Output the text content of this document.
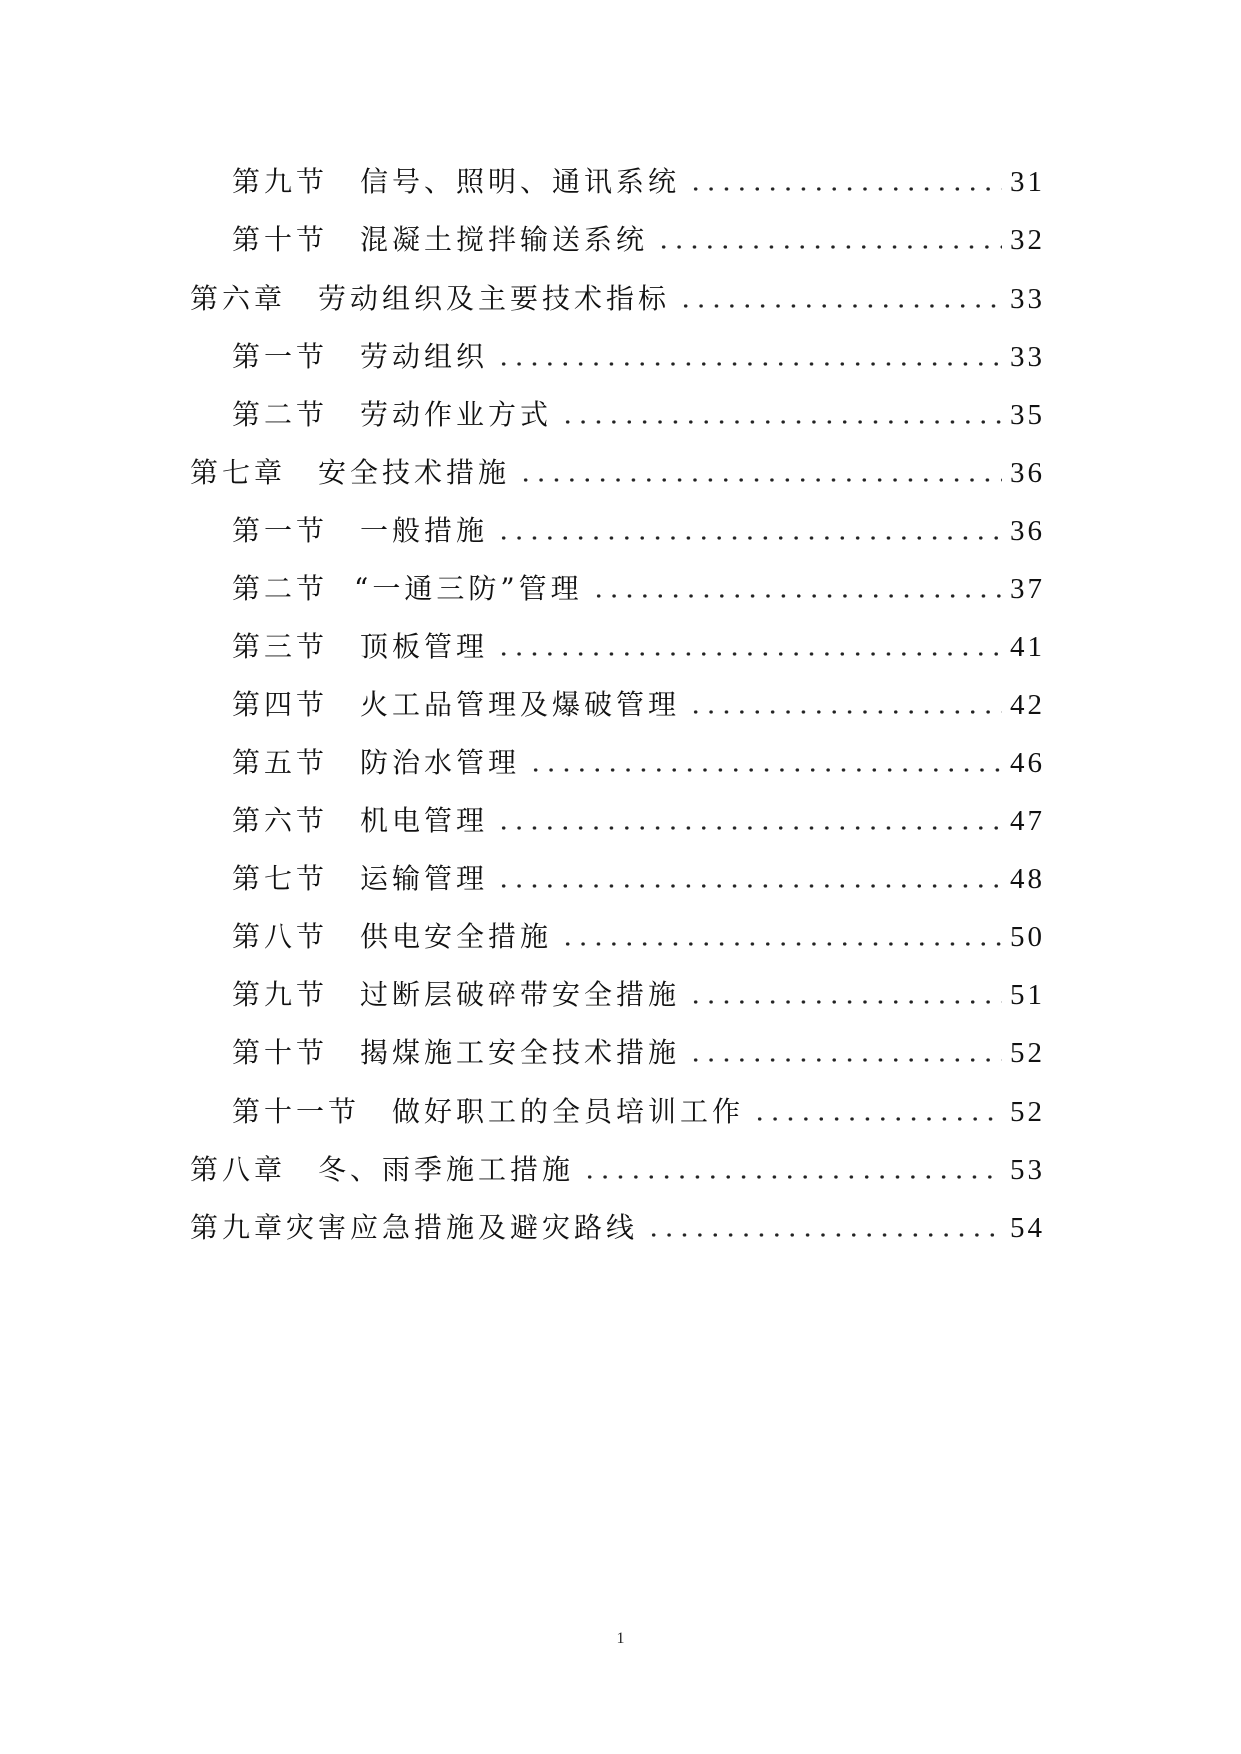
第九节 信号、照明、通讯系统	31
第十节 混凝土搅拌输送系统	32
第六章 劳动组织及主要技术指标	33
第一节 劳动组织	33
第二节 劳动作业方式	35
第七章 安全技术措施	36
第一节 一般措施	36
第二节 “一通三防”管理	37
第三节 顶板管理	41
第四节 火工品管理及爆破管理	42
第五节 防治水管理	46
第六节 机电管理	47
第七节 运输管理	48
第八节 供电安全措施	50
第九节 过断层破碎带安全措施	51
第十节 揭煤施工安全技术措施	52
第十一节 做好职工的全员培训工作	52
第八章 冬、雨季施工措施	53
第九章 灾害应急措施及避灾路线	54
1
